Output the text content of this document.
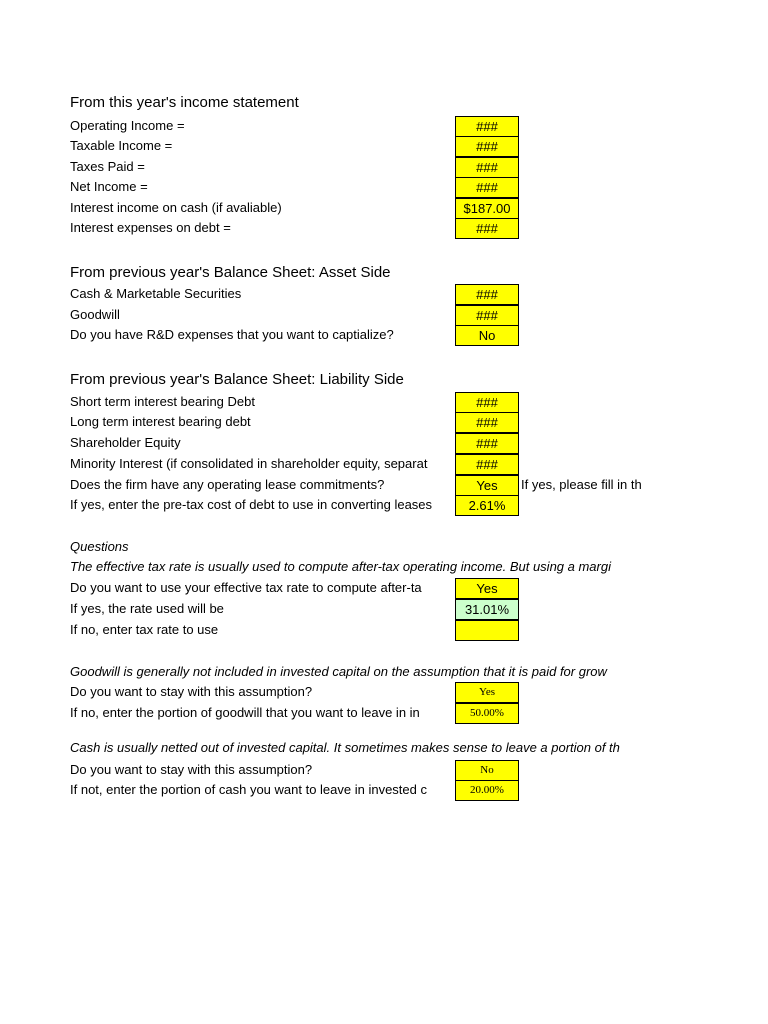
From this year's income statement
Operating Income =	###
Taxable Income =	###
Taxes Paid =	###
Net Income =	###
Interest income on cash (if avaliable)	$187.00
Interest expenses on debt =	###
From previous year's Balance Sheet: Asset Side
Cash & Marketable Securities	###
Goodwill	###
Do you have R&D expenses that you want to captialize?	No
From previous year's Balance Sheet: Liability Side
Short term interest bearing Debt	###
Long term interest bearing debt	###
Shareholder Equity	###
Minority Interest (if consolidated in shareholder equity, separat	###
Does the firm have any operating lease commitments?	Yes	If yes, please fill in th
If yes, enter the pre-tax cost of debt to use in converting leases	2.61%
Questions
The effective tax rate is usually used to compute after-tax operating income. But using a margi
Do you want to use your effective tax rate to compute after-ta	Yes
If yes, the rate used will be	31.01%
If no, enter tax rate to use
Goodwill is generally not included in invested capital on the assumption that it is paid for grow
Do you want to stay with this assumption?	Yes
If no, enter the portion of goodwill that you want to leave in in	50.00%
Cash is usually netted out of invested capital. It sometimes makes sense to leave a portion of th
Do you want to stay with this assumption?	No
If not, enter the portion of cash you want to leave in invested c	20.00%
